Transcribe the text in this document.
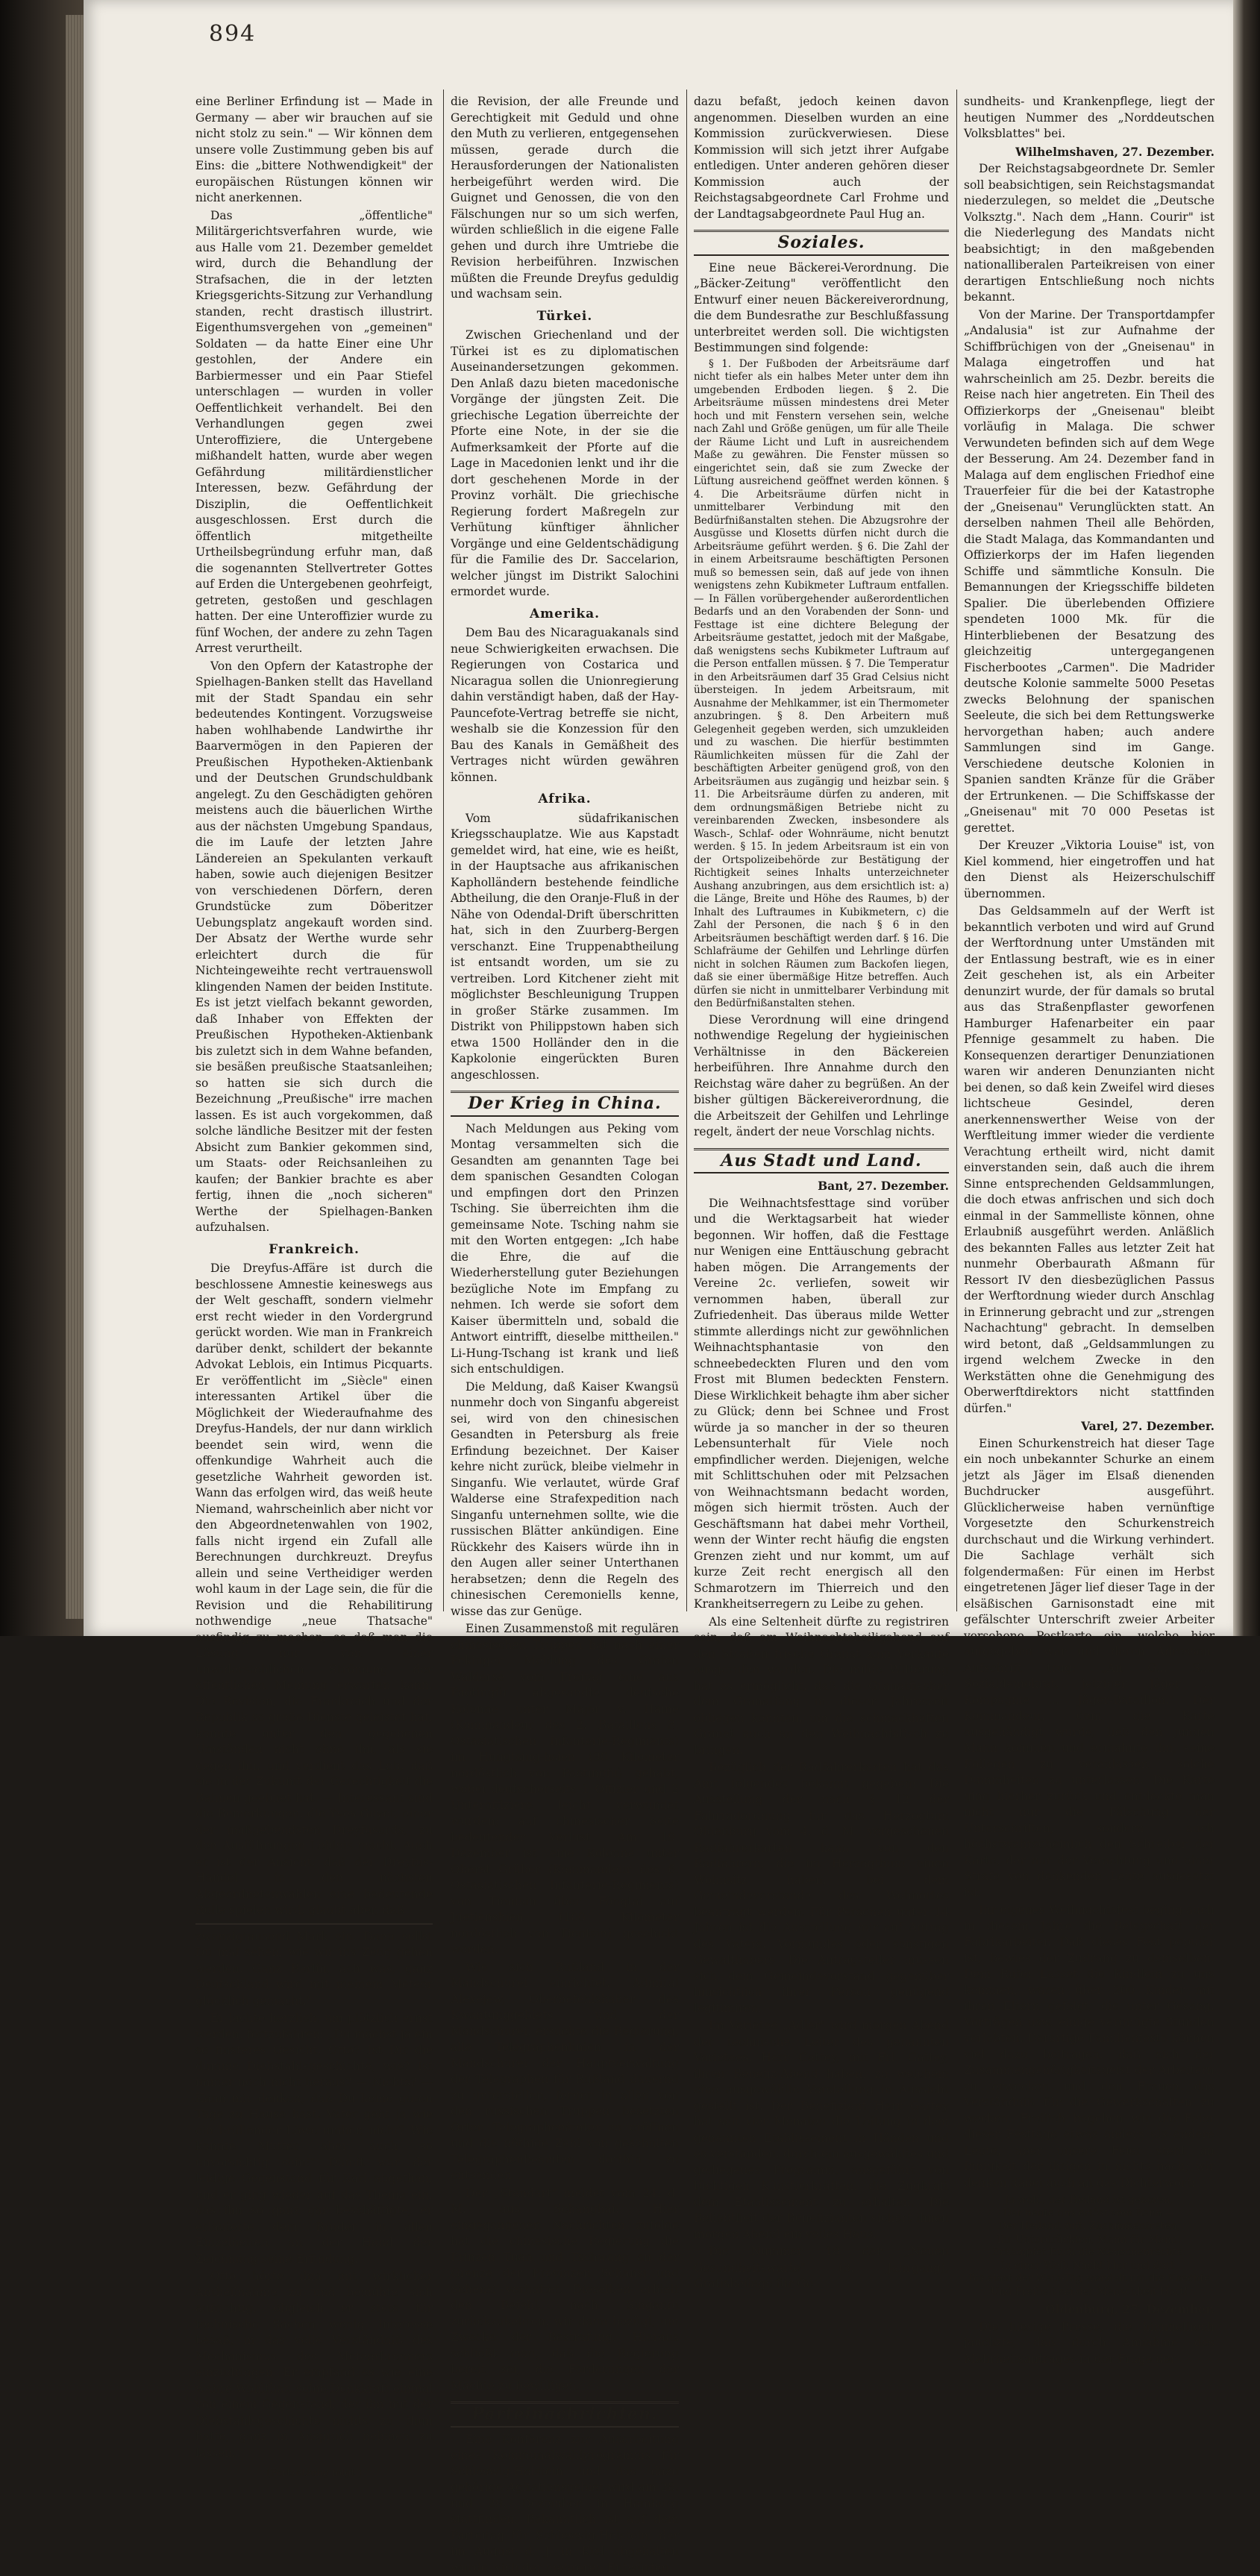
894

eine Berliner Erfindung ist — Made in Germany — aber wir brauchen auf sie nicht stolz zu sein." — Wir können dem unsere volle Zustimmung geben bis auf Eins: die „bittere Nothwendigkeit" der europäischen Rüstungen können wir nicht anerkennen.

Das „öffentliche" Militärgerichtsverfahren wurde, wie aus Halle vom 21. Dezember gemeldet wird, durch die Behandlung der Strafsachen, die in der letzten Kriegsgerichts-Sitzung zur Verhandlung standen, recht drastisch illustrirt. Eigenthumsvergehen von „gemeinen" Soldaten — da hatte Einer eine Uhr gestohlen, der Andere ein Barbiermesser und ein Paar Stiefel unterschlagen — wurden in voller Oeffentlichkeit verhandelt. Bei den Verhandlungen gegen zwei Unteroffiziere, die Untergebene mißhandelt hatten, wurde aber wegen Gefährdung militärdienstlicher Interessen, bezw. Gefährdung der Disziplin, die Oeffentlichkeit ausgeschlossen. Erst durch die öffentlich mitgetheilte Urtheilsbegründung erfuhr man, daß die sogenannten Stellvertreter Gottes auf Erden die Untergebenen geohrfeigt, getreten, gestoßen und geschlagen hatten. Der eine Unteroffizier wurde zu fünf Wochen, der andere zu zehn Tagen Arrest verurtheilt.

Von den Opfern der Katastrophe der Spielhagen-Banken stellt das Havelland mit der Stadt Spandau ein sehr bedeutendes Kontingent. Vorzugsweise haben wohlhabende Landwirthe ihr Baarvermögen in den Papieren der Preußischen Hypotheken-Aktienbank und der Deutschen Grundschuldbank angelegt. Zu den Geschädigten gehören meistens auch die bäuerlichen Wirthe aus der nächsten Umgebung Spandaus, die im Laufe der letzten Jahre Ländereien an Spekulanten verkauft haben, sowie auch diejenigen Besitzer von verschiedenen Dörfern, deren Grundstücke zum Döberitzer Uebungsplatz angekauft worden sind. Der Absatz der Werthe wurde sehr erleichtert durch die für Nichteingeweihte recht vertrauenswoll klingenden Namen der beiden Institute. Es ist jetzt vielfach bekannt geworden, daß Inhaber von Effekten der Preußischen Hypotheken-Aktienbank bis zuletzt sich in dem Wahne befanden, sie besäßen preußische Staatsanleihen; so hatten sie sich durch die Bezeichnung „Preußische" irre machen lassen. Es ist auch vorgekommen, daß solche ländliche Besitzer mit der festen Absicht zum Bankier gekommen sind, um Staats- oder Reichsanleihen zu kaufen; der Bankier brachte es aber fertig, ihnen die „noch sicheren" Werthe der Spielhagen-Banken aufzuhalsen.

Frankreich.

Die Dreyfus-Affäre ist durch die beschlossene Amnestie keineswegs aus der Welt geschafft, sondern vielmehr erst recht wieder in den Vordergrund gerückt worden. Wie man in Frankreich darüber denkt, schildert der bekannte Advokat Leblois, ein Intimus Picquarts. Er veröffentlicht im „Siècle" einen interessanten Artikel über die Möglichkeit der Wiederaufnahme des Dreyfus-Handels, der nur dann wirklich beendet sein wird, wenn die offenkundige Wahrheit auch die gesetzliche Wahrheit geworden ist. Wann das erfolgen wird, das weiß heute Niemand, wahrscheinlich aber nicht vor den Abgeordnetenwahlen von 1902, falls nicht irgend ein Zufall alle Berechnungen durchkreuzt. Dreyfus allein und seine Vertheidiger werden wohl kaum in der Lage sein, die für die Revision und die Rehabilitirung nothwendige „neue Thatsache" ausfindig zu machen, so daß man die Lösung nur von einer unwiderstehlichen Strömung der öffentlichen Meinung erwarten kann. Die Revision, die Frankreich und der Republik so große Dienste geleistet hat, konnte unter den gegebenen Umständen nicht ohne ihn, als sie gegen ihn, und verdient das Lob, daß sie in der Zukunft der Gerechtigkeit die Bahnen geebnet hat. — Interessant sind die Bemerkungen, die Yves Guyot, einer der maßgebendsten Dreyfusards, zu den Ausführungen Leblois macht. Auch er ist der Ansicht, daß der Dreyfus-Handel in den nächsten Abgeordnetenwahlen eine bedeutende Rolle spielen wird, glaubt aber, daß

zwanzigtausend Mark ein. Dann sollst Du mal sehen, wie wir ins Zeug gehen werden. Ganz Berlin, ach was, ganz Deutschland wird mit meinem Meteor glücklich gemacht."

Er lachte herzlich, um plötzlich ernst werden, fortzufahren: „Du machst ja ein so finsteres Gesicht, Otto? Ist Dir die dumme Diebstahlsgeschichte, wie? Ist immer noch nicht heraus? — Nichts? — Kann mir denken, daß Du keine guten Tage zu Hause hast. Vater geht ja wie ein brüllender Löwe umher, nicht? Wie konnte Mutter aber auch so unvorsichtig sein!" Damit war der leidige Gegenstand für Karl abgethan, und er ging wieder auf das Thema ein, das ihn so ganz gar beschäftigte; er erläuterte dem Bruder in allen Einzelheiten an der Hand der Zeichnung seine Erfindung.

Otto hörte ihm mit wirklicher Antheilnahme zu und bemühte sich aufrichtig, obgleich er stets für technische Sachen wenig Interesse besaß, in das volle Verständniß des Mechanismus des Meteorbrenners einzudringen. Er empfand es wie eine wahre Wohlthat, seine Denkkraft einmal von einem Gegenstand, der ihn mit der Diebstahlsgeschichte nichts zu thun hatte, ganz in Anspruch nehmen zu lassen.

(Fortsetzung folgt.)

die Revision, der alle Freunde und Gerechtigkeit mit Geduld und ohne den Muth zu verlieren, entgegensehen müssen, gerade durch die Herausforderungen der Nationalisten herbeigeführt werden wird. Die Guignet und Genossen, die von den Fälschungen nur so um sich werfen, würden schließlich in die eigene Falle gehen und durch ihre Umtriebe die Revision herbeiführen. Inzwischen müßten die Freunde Dreyfus geduldig und wachsam sein.

Türkei.

Zwischen Griechenland und der Türkei ist es zu diplomatischen Auseinandersetzungen gekommen. Den Anlaß dazu bieten macedonische Vorgänge der jüngsten Zeit. Die griechische Legation überreichte der Pforte eine Note, in der sie die Aufmerksamkeit der Pforte auf die Lage in Macedonien lenkt und ihr die dort geschehenen Morde in der Provinz vorhält. Die griechische Regierung fordert Maßregeln zur Verhütung künftiger ähnlicher Vorgänge und eine Geldentschädigung für die Familie des Dr. Saccelarion, welcher jüngst im Distrikt Salochini ermordet wurde.

Amerika.

Dem Bau des Nicaraguakanals sind neue Schwierigkeiten erwachsen. Die Regierungen von Costarica und Nicaragua sollen die Unionregierung dahin verständigt haben, daß der Hay-Pauncefote-Vertrag betreffe sie nicht, weshalb sie die Konzession für den Bau des Kanals in Gemäßheit des Vertrages nicht würden gewähren können.

Afrika.

Vom südafrikanischen Kriegsschauplatze. Wie aus Kapstadt gemeldet wird, hat eine, wie es heißt, in der Hauptsache aus afrikanischen Kapholländern bestehende feindliche Abtheilung, die den Oranje-Fluß in der Nähe von Odendal-Drift überschritten hat, sich in den Zuurberg-Bergen verschanzt. Eine Truppenabtheilung ist entsandt worden, um sie zu vertreiben. Lord Kitchener zieht mit möglichster Beschleunigung Truppen in großer Stärke zusammen. Im Distrikt von Philippstown haben sich etwa 1500 Holländer den in die Kapkolonie eingerückten Buren angeschlossen.

Der Krieg in China.

Nach Meldungen aus Peking vom Montag versammelten sich die Gesandten am genannten Tage bei dem spanischen Gesandten Cologan und empfingen dort den Prinzen Tsching. Sie überreichten ihm die gemeinsame Note. Tsching nahm sie mit den Worten entgegen: „Ich habe die Ehre, die auf die Wiederherstellung guter Beziehungen bezügliche Note im Empfang zu nehmen. Ich werde sie sofort dem Kaiser übermitteln und, sobald die Antwort eintrifft, dieselbe mittheilen." Li-Hung-Tschang ist krank und ließ sich entschuldigen.

Die Meldung, daß Kaiser Kwangsü nunmehr doch von Singanfu abgereist sei, wird von den chinesischen Gesandten in Petersburg als freie Erfindung bezeichnet. Der Kaiser kehre nicht zurück, bleibe vielmehr in Singanfu. Wie verlautet, würde Graf Walderse eine Strafexpedition nach Singanfu unternehmen sollte, wie die russischen Blätter ankündigen. Eine Rückkehr des Kaisers würde ihn in den Augen aller seiner Unterthanen herabsetzen; denn die Regeln des chinesischen Ceremoniells kenne, wisse das zur Genüge.

Einen Zusammenstoß mit regulären chinesischen Truppen hat nach einer Pekinger Meldung des Grafen Walderse vom Freitag eine aus Paotingfu abgesandte deutsche Kolonne unter Major v. Haine (Kommandeur des 2. Bataillons 3. Ostasiatischen Infanterie-Regiments) im Hungtsing-hsien (90 Kilometer nordöstlich von Paotingfu) gehabt, wobei deutscherseits 1 Offizier und 2 Unteroffiziere leicht verwundet wurden; auf chinesischer Seite bedeutender Verlust. Am 19. Dezember ist eine Kolonne unter Oberst Grüber (Kommandeur des 6. Ostasiatischen Infanterie-Regiments) von Tientsin über Föngtai auf Juetienshien (100 Kilometer nordöstlich von Tientsin) geschickt worden.

Wie sich Rußland in der Mandschurei einrichtet. Admiral Alexejew, Oberbefehlshaber des Kwantunggebiets und der Mandschurei, ersuchte die Regierung, alle Telegraphenlinien in der Mandschurei der Hauptverwaltung der Telegraphen für Rußland dauernd zu unterstellen, ferner in allen von den russischen Truppen besetzten Orten Telegraphenämter zu eröffnen und die nöthige Zahl von geschulten Telegraphenbeamten dorthin zu entsenden.

Der „Standart" meldet vom 24. d. M. aus Schanghai: Hier eingegangenen Nachrichten zufolge hat die chinesische Regierung die Prinzen Tuan und Tschwang an der Grenze der Provinzen Schansi und Schensi verhaftet. Dieselben erhielt den Befehl, nach Singanfu zurückzukehren, wir dann bezügl, um Zwecke der Bestrafung. Hieraus schließt man, daß die Regierung bereit sei, die Forderungen der Mächte zu bewilligen.

Parteinachrichten.

Eine Konferenz zur Ausarbeitung eines Kommunalwahlprogramms für Schleswig-Holstein und das dazu gehörige Agitationsgebiet wird am 28. und 29. Dezember in Hamburg stattfinden. Bekanntlich ist auf dem Parteitag für Schleswig-Holstein, der im August d. J. in Kiel abgehalten wurde, sich der mehreren Entwürfen

dazu befaßt, jedoch keinen davon angenommen. Dieselben wurden an eine Kommission zurückverwiesen. Diese Kommission will sich jetzt ihrer Aufgabe entledigen. Unter anderen gehören dieser Kommission auch der Reichstagsabgeordnete Carl Frohme und der Landtagsabgeordnete Paul Hug an.

Soziales.

Eine neue Bäckerei-Verordnung. Die „Bäcker-Zeitung" veröffentlicht den Entwurf einer neuen Bäckereiverordnung, die dem Bundesrathe zur Beschlußfassung unterbreitet werden soll. Die wichtigsten Bestimmungen sind folgende:

§ 1. Der Fußboden der Arbeitsräume darf nicht tiefer als ein halbes Meter unter dem ihn umgebenden Erdboden liegen. § 2. Die Arbeitsräume müssen mindestens drei Meter hoch und mit Fenstern versehen sein, welche nach Zahl und Größe genügen, um für alle Theile der Räume Licht und Luft in ausreichendem Maße zu gewähren. Die Fenster müssen so eingerichtet sein, daß sie zum Zwecke der Lüftung ausreichend geöffnet werden können. § 4. Die Arbeitsräume dürfen nicht in unmittelbarer Verbindung mit den Bedürfnißanstalten stehen. Die Abzugsrohre der Ausgüsse und Klosetts dürfen nicht durch die Arbeitsräume geführt werden. § 6. Die Zahl der in einem Arbeitsraume beschäftigten Personen muß so bemessen sein, daß auf jede von ihnen wenigstens zehn Kubikmeter Luftraum entfallen. — In Fällen vorübergehender außerordentlichen Bedarfs und an den Vorabenden der Sonn- und Festtage ist eine dichtere Belegung der Arbeitsräume gestattet, jedoch mit der Maßgabe, daß wenigstens sechs Kubikmeter Luftraum auf die Person entfallen müssen. § 7. Die Temperatur in den Arbeitsräumen darf 35 Grad Celsius nicht übersteigen. In jedem Arbeitsraum, mit Ausnahme der Mehlkammer, ist ein Thermometer anzubringen. § 8. Den Arbeitern muß Gelegenheit gegeben werden, sich umzukleiden und zu waschen. Die hierfür bestimmten Räumlichkeiten müssen für die Zahl der beschäftigten Arbeiter genügend groß, von den Arbeitsräumen aus zugängig und heizbar sein. § 11. Die Arbeitsräume dürfen zu anderen, mit dem ordnungsmäßigen Betriebe nicht zu vereinbarenden Zwecken, insbesondere als Wasch-, Schlaf- oder Wohnräume, nicht benutzt werden. § 15. In jedem Arbeitsraum ist ein von der Ortspolizeibehörde zur Bestätigung der Richtigkeit seines Inhalts unterzeichneter Aushang anzubringen, aus dem ersichtlich ist: a) die Länge, Breite und Höhe des Raumes, b) der Inhalt des Luftraumes in Kubikmetern, c) die Zahl der Personen, die nach § 6 in den Arbeitsräumen beschäftigt werden darf. § 16. Die Schlafräume der Gehilfen und Lehrlinge dürfen nicht in solchen Räumen zum Backofen liegen, daß sie einer übermäßige Hitze betreffen. Auch dürfen sie nicht in unmittelbarer Verbindung mit den Bedürfnißanstalten stehen.

Diese Verordnung will eine dringend nothwendige Regelung der hygieinischen Verhältnisse in den Bäckereien herbeiführen. Ihre Annahme durch den Reichstag wäre daher zu begrüßen. An der bisher gültigen Bäckereiverordnung, die die Arbeitszeit der Gehilfen und Lehrlinge regelt, ändert der neue Vorschlag nichts.

Aus Stadt und Land.

Bant, 27. Dezember.

Die Weihnachtsfesttage sind vorüber und die Werktagsarbeit hat wieder begonnen. Wir hoffen, daß die Festtage nur Wenigen eine Enttäuschung gebracht haben mögen. Die Arrangements der Vereine 2c. verliefen, soweit wir vernommen haben, überall zur Zufriedenheit. Das überaus milde Wetter stimmte allerdings nicht zur gewöhnlichen Weihnachtsphantasie von den schneebedeckten Fluren und den vom Frost mit Blumen bedeckten Fenstern. Diese Wirklichkeit behagte ihm aber sicher zu Glück; denn bei Schnee und Frost würde ja so mancher in der so theuren Lebensunterhalt für Viele noch empfindlicher werden. Diejenigen, welche mit Schlittschuhen oder mit Pelzsachen von Weihnachtsmann bedacht worden, mögen sich hiermit trösten. Auch der Geschäftsmann hat dabei mehr Vortheil, wenn der Winter recht häufig die engsten Grenzen zieht und nur kommt, um auf kurze Zeit recht energisch all den Schmarotzern im Thierreich und den Krankheitserregern zu Leibe zu gehen.

Als eine Seltenheit dürfte zu registriren sein, daß am Weihnachtsheiligabend auf den Straßen frische Granat zum Verkaufe ausgerufen wurden. Die milde Witterung hat es ermöglicht, daß die Granatfischer dem Granatfang in dieser Jahreszeit obliegen konnten, um die schmackhaften Granat auch an den Weihnachtstisch zu bringen.

Bezüglich der Radfahrerkarten hat das Amt folgendes bekannt gegeben: Die Ausstellung der nach § 12 der Fahrradordnung für das Herzogtum Oldenburg vom 4. d. M. vorgeschenen Radfahrerkarten kann von den Radfahrern, die im Herzogthum einen Wohnsitz haben, bei dem Gemeindevorstande des Wohnortes beantragt werden. Für Personen unter 14 Jahren ist die Ausstellung nur auf Antrag des Vaters, Vormundes oder sonstigen Gewalthabers. Die Antragsteller müssen sich dem Gemeindevorstand gegenüber hinsichtlich ihrer Person genügend legitimiren.

Im Varietee „Adler" wird morgen Abend der technische Leiter des genannten Varietees, Herr Gattey, mit Frl. Gattey, ihren Benefiz-Abend haben, zu welchem eine ausgewählte Vorstellung in Aussicht gestellt ist. Der Benefiziant Herr Gattey hat seit vier Monaten die Leitung in dem genannten Etablissement in Händen und es verstanden, durch ein ausgewähltes und gediegenes Programm, ausgeführt von tüchtigen Künstlerkräften, die Zugkraft dem Etablissement zu erhalten. Die Beliebtheit der Benefizianten sichert ihnen morgen Abend ein volles Haus.

Die Nummer 18 der „Neuen Gesundheitswarte" (3. Jahrgang), Gratisbeilage für Ge-

sundheits- und Krankenpflege, liegt der heutigen Nummer des „Norddeutschen Volksblattes" bei.

Wilhelmshaven, 27. Dezember.

Der Reichstagsabgeordnete Dr. Semler soll beabsichtigen, sein Reichstagsmandat niederzulegen, so meldet die „Deutsche Volksztg.". Nach dem „Hann. Courir" ist die Niederlegung des Mandats nicht beabsichtigt; in den maßgebenden nationalliberalen Parteikreisen von einer derartigen Entschließung noch nichts bekannt.

Von der Marine. Der Transportdampfer „Andalusia" ist zur Aufnahme der Schiffbrüchigen von der „Gneisenau" in Malaga eingetroffen und hat wahrscheinlich am 25. Dezbr. bereits die Reise nach hier angetreten. Ein Theil des Offizierkorps der „Gneisenau" bleibt vorläufig in Malaga. Die schwer Verwundeten befinden sich auf dem Wege der Besserung. Am 24. Dezember fand in Malaga auf dem englischen Friedhof eine Trauerfeier für die bei der Katastrophe der „Gneisenau" Verunglückten statt. An derselben nahmen Theil alle Behörden, die Stadt Malaga, das Kommandanten und Offizierkorps der im Hafen liegenden Schiffe und sämmtliche Konsuln. Die Bemannungen der Kriegsschiffe bildeten Spalier. Die überlebenden Offiziere spendeten 1000 Mk. für die Hinterbliebenen der Besatzung des gleichzeitig untergegangenen Fischerbootes „Carmen". Die Madrider deutsche Kolonie sammelte 5000 Pesetas zwecks Belohnung der spanischen Seeleute, die sich bei dem Rettungswerke hervorgethan haben; auch andere Sammlungen sind im Gange. Verschiedene deutsche Kolonien in Spanien sandten Kränze für die Gräber der Ertrunkenen. — Die Schiffskasse der „Gneisenau" mit 70 000 Pesetas ist gerettet.

Der Kreuzer „Viktoria Louise" ist, von Kiel kommend, hier eingetroffen und hat den Dienst als Heizerschulschiff übernommen.

Das Geldsammeln auf der Werft ist bekanntlich verboten und wird auf Grund der Werftordnung unter Umständen mit der Entlassung bestraft, wie es in einer Zeit geschehen ist, als ein Arbeiter denunzirt wurde, der für damals so brutal aus das Straßenpflaster geworfenen Hamburger Hafenarbeiter ein paar Pfennige gesammelt zu haben. Die Konsequenzen derartiger Denunziationen waren wir anderen Denunzianten nicht bei denen, so daß kein Zweifel wird dieses lichtscheue Gesindel, deren anerkennenswerther Weise von der Werftleitung immer wieder die verdiente Verachtung ertheilt wird, nicht damit einverstanden sein, daß auch die ihrem Sinne entsprechenden Geldsammlungen, die doch etwas anfrischen und sich doch einmal in der Sammelliste können, ohne Erlaubniß ausgeführt werden. Anläßlich des bekannten Falles aus letzter Zeit hat nunmehr Oberbaurath Aßmann für Ressort IV den diesbezüglichen Passus der Werftordnung wieder durch Anschlag in Erinnerung gebracht und zur „strengen Nachachtung" gebracht. In demselben wird betont, daß „Geldsammlungen zu irgend welchem Zwecke in den Werkstätten ohne die Genehmigung des Oberwerftdirektors nicht stattfinden dürfen."

Varel, 27. Dezember.

Einen Schurkenstreich hat dieser Tage ein noch unbekannter Schurke an einem jetzt als Jäger im Elsaß dienenden Buchdrucker ausgeführt. Glücklicherweise haben vernünftige Vorgesetzte den Schurkenstreich durchschaut und die Wirkung verhindert. Die Sachlage verhält sich folgendermaßen: Für einen im Herbst eingetretenen Jäger lief dieser Tage in der elsäßischen Garnisonstadt eine mit gefälschter Unterschrift zweier Arbeiter versehene Postkarte ein, welche hier aufgegeben war und deren Adressen-Aufschrift trug: „An G... S..., Sozialdemokrat, jetziger Jäger ... Kompagnie ... Jäger-Bataillon." Der Kommandeur, dem die Karte ausgehändigt wurde, ließ den jungen Mann kommen und ermahnte ihn, seine Kollegen zu veranlassen, solche Dummheiten zu unterlassen. Die Karte ging hierher zurück und entdeckte man nicht nur die Fälschung der Unterschriften, sondern auch höchstwahrscheinlich den Schreiber der Karte, der nur der Verachtung und einer Strafe von denkenden Leute ausgesetzt ist.

Ihr eigenes Weihnachtsfest beging auch in diesem Jahre die Belegschaft der Fabrikarbeiter. Daß dieses Fest populär ist, bewies der Zudrang zu demselben. Dem Rufe: Lasset die Kindlein zu uns kommen, waren über 200 Kinder mit ihren Eltern gefolgt, die unter Gesang, Vorträgen usw. einige vergnügte Stunden verlebten. Derartige Familienfeste können viel dazu beitragen, daß sich der Zusammengehörigkeitsgeist der Arbeitern zu erwecken und den Frauen das Verständniß für die Gewerkschaften zu wecken. Freilich begehen wir die Feier dieser Festtage etwas anders als andere Leute, aber unsere Feier steht an Innigkeit der ihrigen in nichts nach; wir denken dabei auch an das Dichterwort:

Ja wohl, der Heiland ist geboren,
Der heute uns erlöst vom Bann —
Der Heiland ruft: Zusammentreten,
Ihr Unterdrückten, Mann für Mann!
Erkämpfet Euch die Menschenrechte.
In einer Weih-Nacht hier und dort,
Bis einst der Weih-Tag wandelt um die Knechte
Und Freiheit sei der Menschheit Hort!

Oldenburg, 27. Dezember.

Die hiesige Presse, die himmelhoch jauchzte, daß durch Annahme des Mehrheitsantrages in der Frage der
